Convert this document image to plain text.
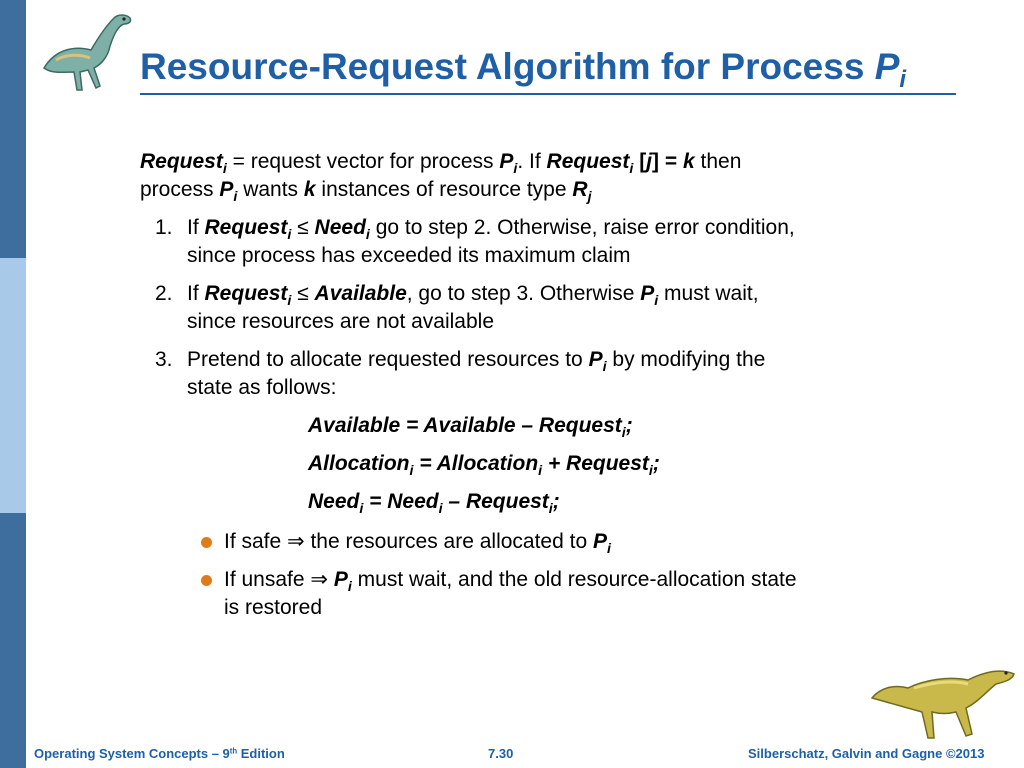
Resource-Request Algorithm for Process $P_i$
Request$_i$ = request vector for process $P_i$. If Request$_i$ [j] = k then
process $P_i$ wants k instances of resource type $R_j$
1. If Request$_i$ ≤ Need$_i$ go to step 2. Otherwise, raise error condition,
since process has exceeded its maximum claim
2. If Request$_i$ ≤ Available, go to step 3. Otherwise $P_i$ must wait,
since resources are not available
3. Pretend to allocate requested resources to $P_i$ by modifying the
state as follows:
Available = Available – Request$_i$;
Allocation$_i$ = Allocation$_i$ + Request$_i$;
Need$_i$ = Need$_i$ – Request$_i$;
If safe ⇒ the resources are allocated to $P_i$
If unsafe ⇒ $P_i$ must wait, and the old resource-allocation state
is restored
Operating System Concepts – 9th Edition	7.30	Silberschatz, Galvin and Gagne ©2013
